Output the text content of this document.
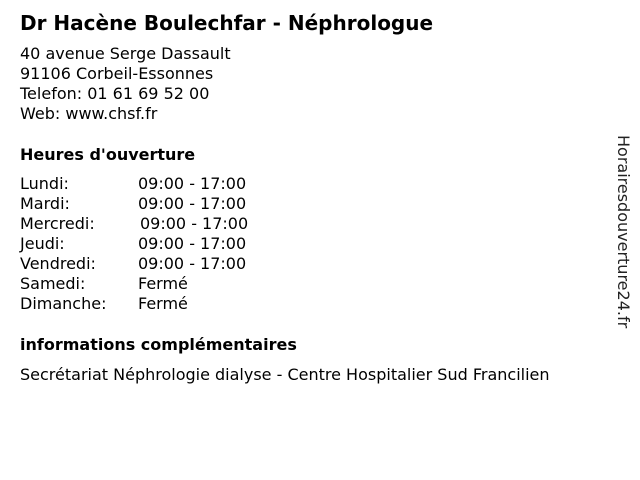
Dr Hacène Boulechfar - Néphrologue
40 avenue Serge Dassault
91106 Corbeil-Essonnes
Telefon: 01 61 69 52 00
Web: www.chsf.fr
Heures d'ouverture
Lundi:	09:00 - 17:00
Mardi:	09:00 - 17:00
Mercredi:	09:00 - 17:00
Jeudi:	09:00 - 17:00
Vendredi:	09:00 - 17:00
Samedi:	Fermé
Dimanche: Fermé
informations complémentaires
Secrétariat Néphrologie dialyse - Centre Hospitalier Sud Francilien
Horairesdouverture24.fr
